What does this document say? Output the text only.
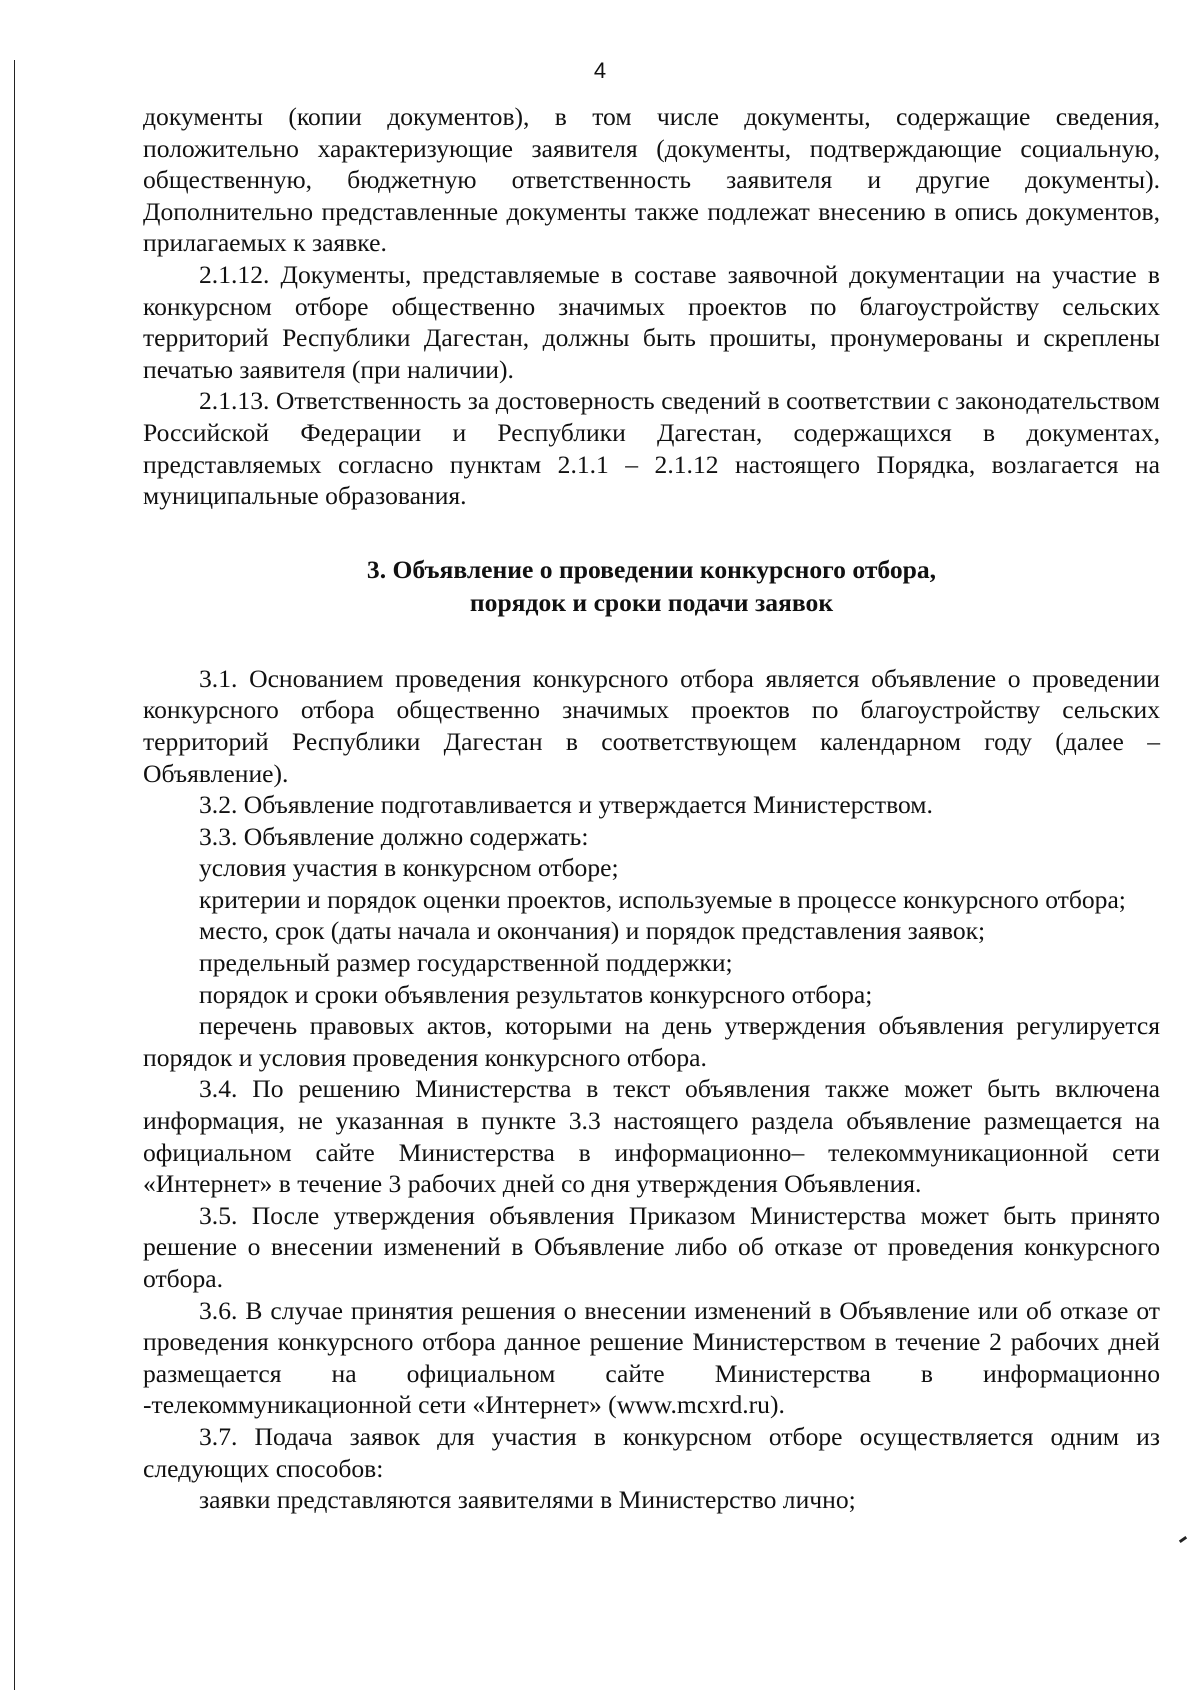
4

документы (копии документов), в том числе документы, содержащие сведения, положительно характеризующие заявителя (документы, подтверждающие социальную, общественную, бюджетную ответственность заявителя и другие документы). Дополнительно представленные документы также подлежат внесению в опись документов, прилагаемых к заявке.

2.1.12. Документы, представляемые в составе заявочной документации на участие в конкурсном отборе общественно значимых проектов по благоустройству сельских территорий Республики Дагестан, должны быть прошиты, пронумерованы и скреплены печатью заявителя (при наличии).

2.1.13. Ответственность за достоверность сведений в соответствии с законодательством Российской Федерации и Республики Дагестан, содержащихся в документах, представляемых согласно пунктам 2.1.1 – 2.1.12 настоящего Порядка, возлагается на муниципальные образования.

3. Объявление о проведении конкурсного отбора,
порядок и сроки подачи заявок

3.1. Основанием проведения конкурсного отбора является объявление о проведении конкурсного отбора общественно значимых проектов по благоустройству сельских территорий Республики Дагестан в соответствующем календарном году (далее – Объявление).

3.2. Объявление подготавливается и утверждается Министерством.

3.3. Объявление должно содержать:

условия участия в конкурсном отборе;

критерии и порядок оценки проектов, используемые в процессе конкурсного отбора;

место, срок (даты начала и окончания) и порядок представления заявок;

предельный размер государственной поддержки;

порядок и сроки объявления результатов конкурсного отбора;

перечень правовых актов, которыми на день утверждения объявления регулируется порядок и условия проведения конкурсного отбора.

3.4. По решению Министерства в текст объявления также может быть включена информация, не указанная в пункте 3.3 настоящего раздела объявление размещается на официальном сайте Министерства в информационно– телекоммуникационной сети «Интернет» в течение 3 рабочих дней со дня утверждения Объявления.

3.5. После утверждения объявления Приказом Министерства может быть принято решение о внесении изменений в Объявление либо об отказе от проведения конкурсного отбора.

3.6. В случае принятия решения о внесении изменений в Объявление или об отказе от проведения конкурсного отбора данное решение Министерством в течение 2 рабочих дней размещается на официальном сайте Министерства в информационно -телекоммуникационной сети «Интернет» (www.mcxrd.ru).

3.7. Подача заявок для участия в конкурсном отборе осуществляется одним из следующих способов:

заявки представляются заявителями в Министерство лично;
